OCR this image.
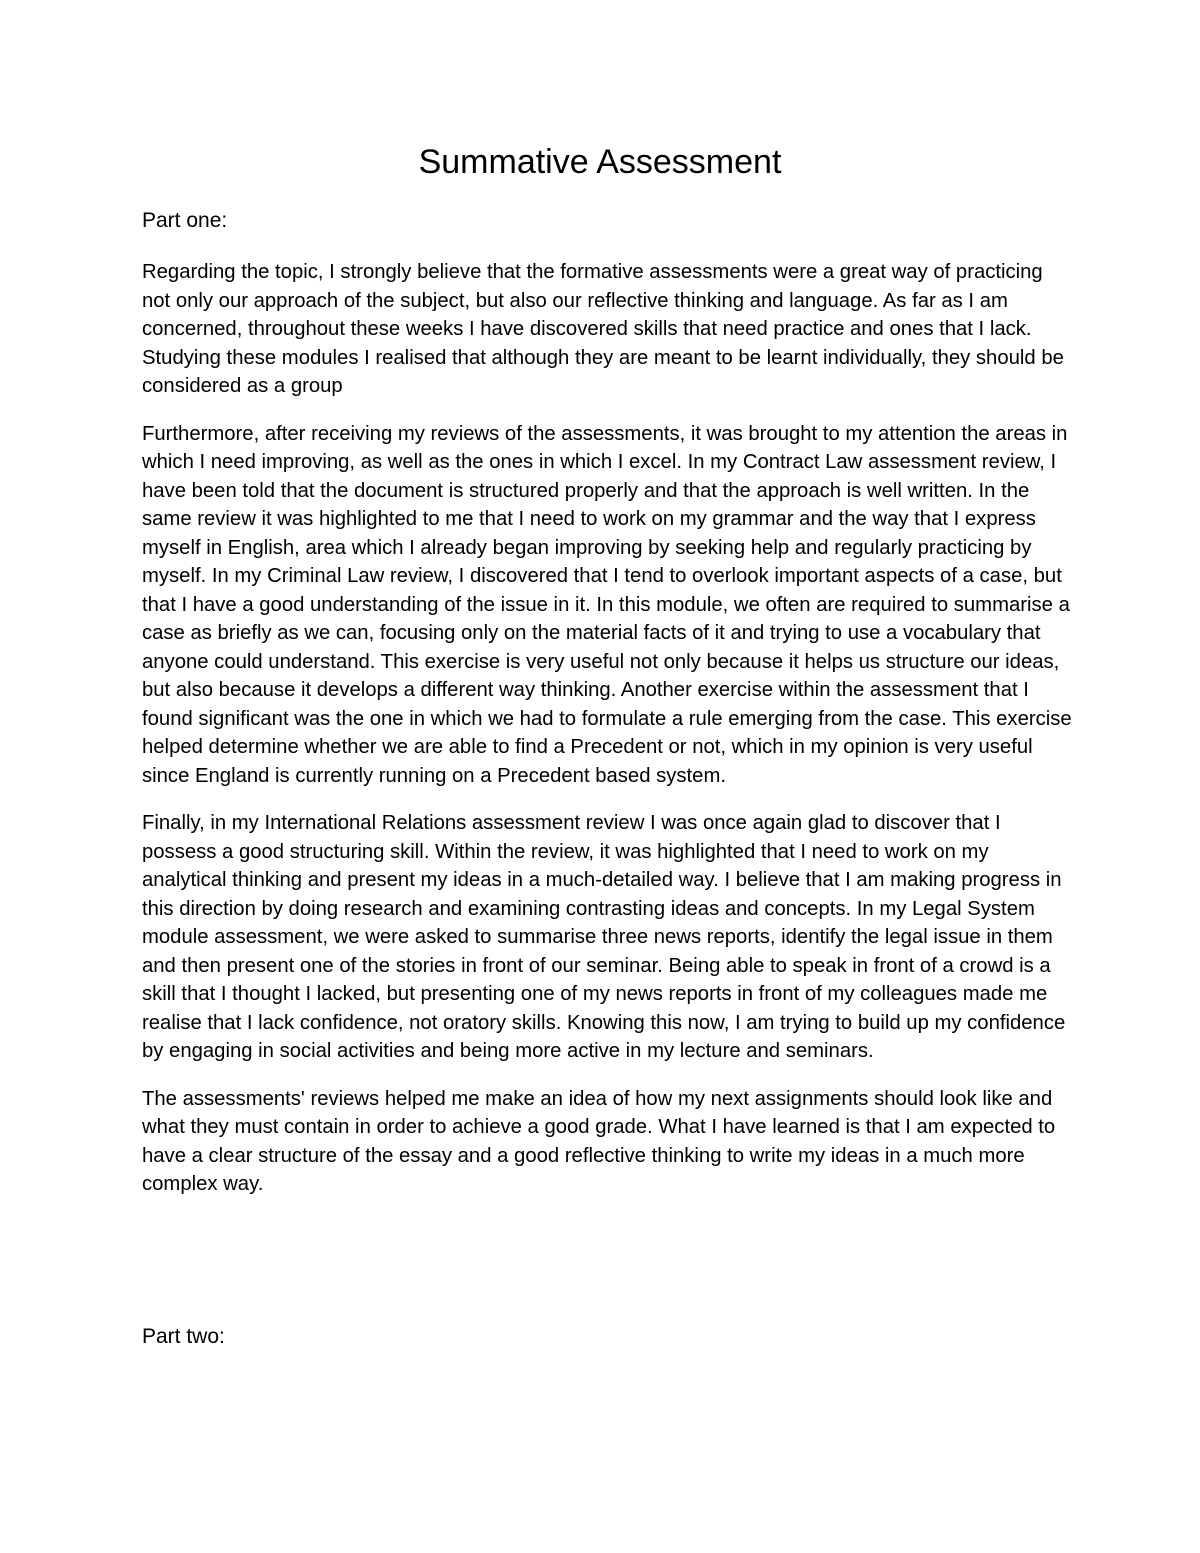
Summative Assessment

Part one:

Regarding the topic, I strongly believe that the formative assessments were a great way of practicing not only our approach of the subject, but also our reflective thinking and language. As far as I am concerned, throughout these weeks I have discovered skills that need practice and ones that I lack. Studying these modules I realised that although they are meant to be learnt individually, they should be considered as a group

Furthermore, after receiving my reviews of the assessments, it was brought to my attention the areas in which I need improving, as well as the ones in which I excel. In my Contract Law assessment review, I have been told that the document is structured properly and that the approach is well written. In the same review it was highlighted to me that I need to work on my grammar and the way that I express myself in English, area which I already began improving by seeking help and regularly practicing by myself. In my Criminal Law review, I discovered that I tend to overlook important aspects of a case, but that I have a good understanding of the issue in it. In this module, we often are required to summarise a case as briefly as we can, focusing only on the material facts of it and trying to use a vocabulary that anyone could understand. This exercise is very useful not only because it helps us structure our ideas, but also because it develops a different way thinking. Another exercise within the assessment that I found significant was the one in which we had to formulate a rule emerging from the case. This exercise helped determine whether we are able to find a Precedent or not, which in my opinion is very useful since England is currently running on a Precedent based system.

Finally, in my International Relations assessment review I was once again glad to discover that I possess a good structuring skill. Within the review, it was highlighted that I need to work on my analytical thinking and present my ideas in a much-detailed way. I believe that I am making progress in this direction by doing research and examining contrasting ideas and concepts. In my Legal System module assessment, we were asked to summarise three news reports, identify the legal issue in them and then present one of the stories in front of our seminar. Being able to speak in front of a crowd is a skill that I thought I lacked, but presenting one of my news reports in front of my colleagues made me realise that I lack confidence, not oratory skills. Knowing this now, I am trying to build up my confidence by engaging in social activities and being more active in my lecture and seminars.

The assessments' reviews helped me make an idea of how my next assignments should look like and what they must contain in order to achieve a good grade. What I have learned is that I am expected to have a clear structure of the essay and a good reflective thinking to write my ideas in a much more complex way.

Part two:
